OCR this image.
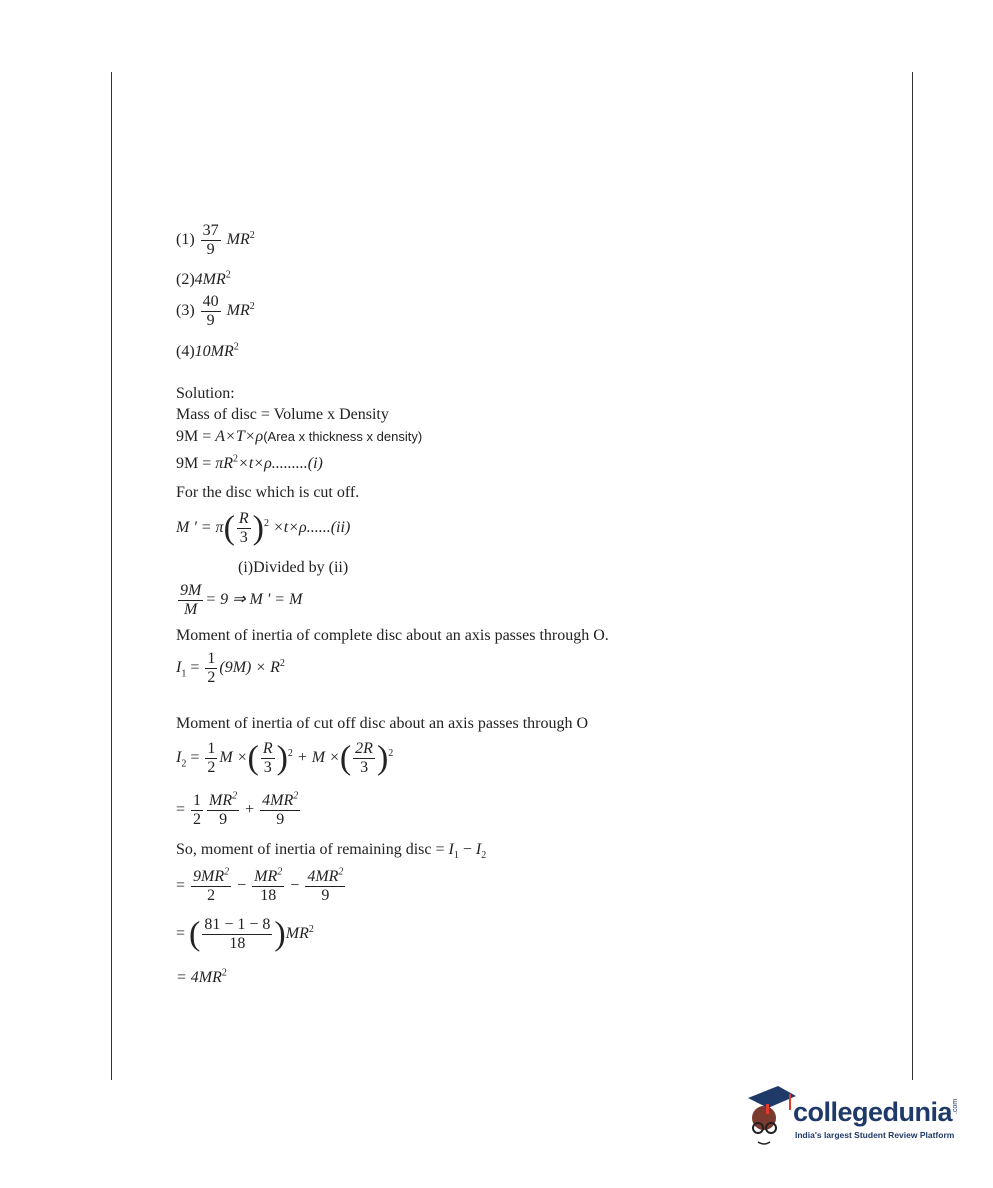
$(1) \frac{37}{9} MR^2$
$(2)4MR^2$
$(3) \frac{40}{9} MR^2$
$(4)10MR^2$
Solution:
Mass of disc = Volume x Density
9M = A×T×ρ(Area x thickness x density)
$9M = \pi R^2\times t\times\rho.........(i)$
For the disc which is cut off.
M ' = $\pi( \frac{R}{3} )^2 \times t\times\rho......(ii)$
(i)Divided by (ii)
$\frac{9M}{M} = 9$ ⇒ M ' = M
Moment of inertia of complete disc about an axis passes through O.
$I_1 = \frac{1}{2} (9M) \times R^2$
Moment of inertia of cut off disc about an axis passes through O
$I_2 = \frac{1}{2}$ M ×( $\frac{R}{3} )^2 + M$ ×( $\frac{2R}{3} )^2$
= $\frac{1}{2} \frac{MR^2}{9} + \frac{4MR^2}{9}$
So, moment of inertia of remaining disc = $I_1 - I_2$
= $\frac{9MR^2}{2} - \frac{MR^2}{18} - \frac{4MR^2}{9}$
= ( $\frac{81 - 1 - 8}{18} )MR^2$
= $4MR^2$
collegedunia .com
India's largest Student Review Platform
